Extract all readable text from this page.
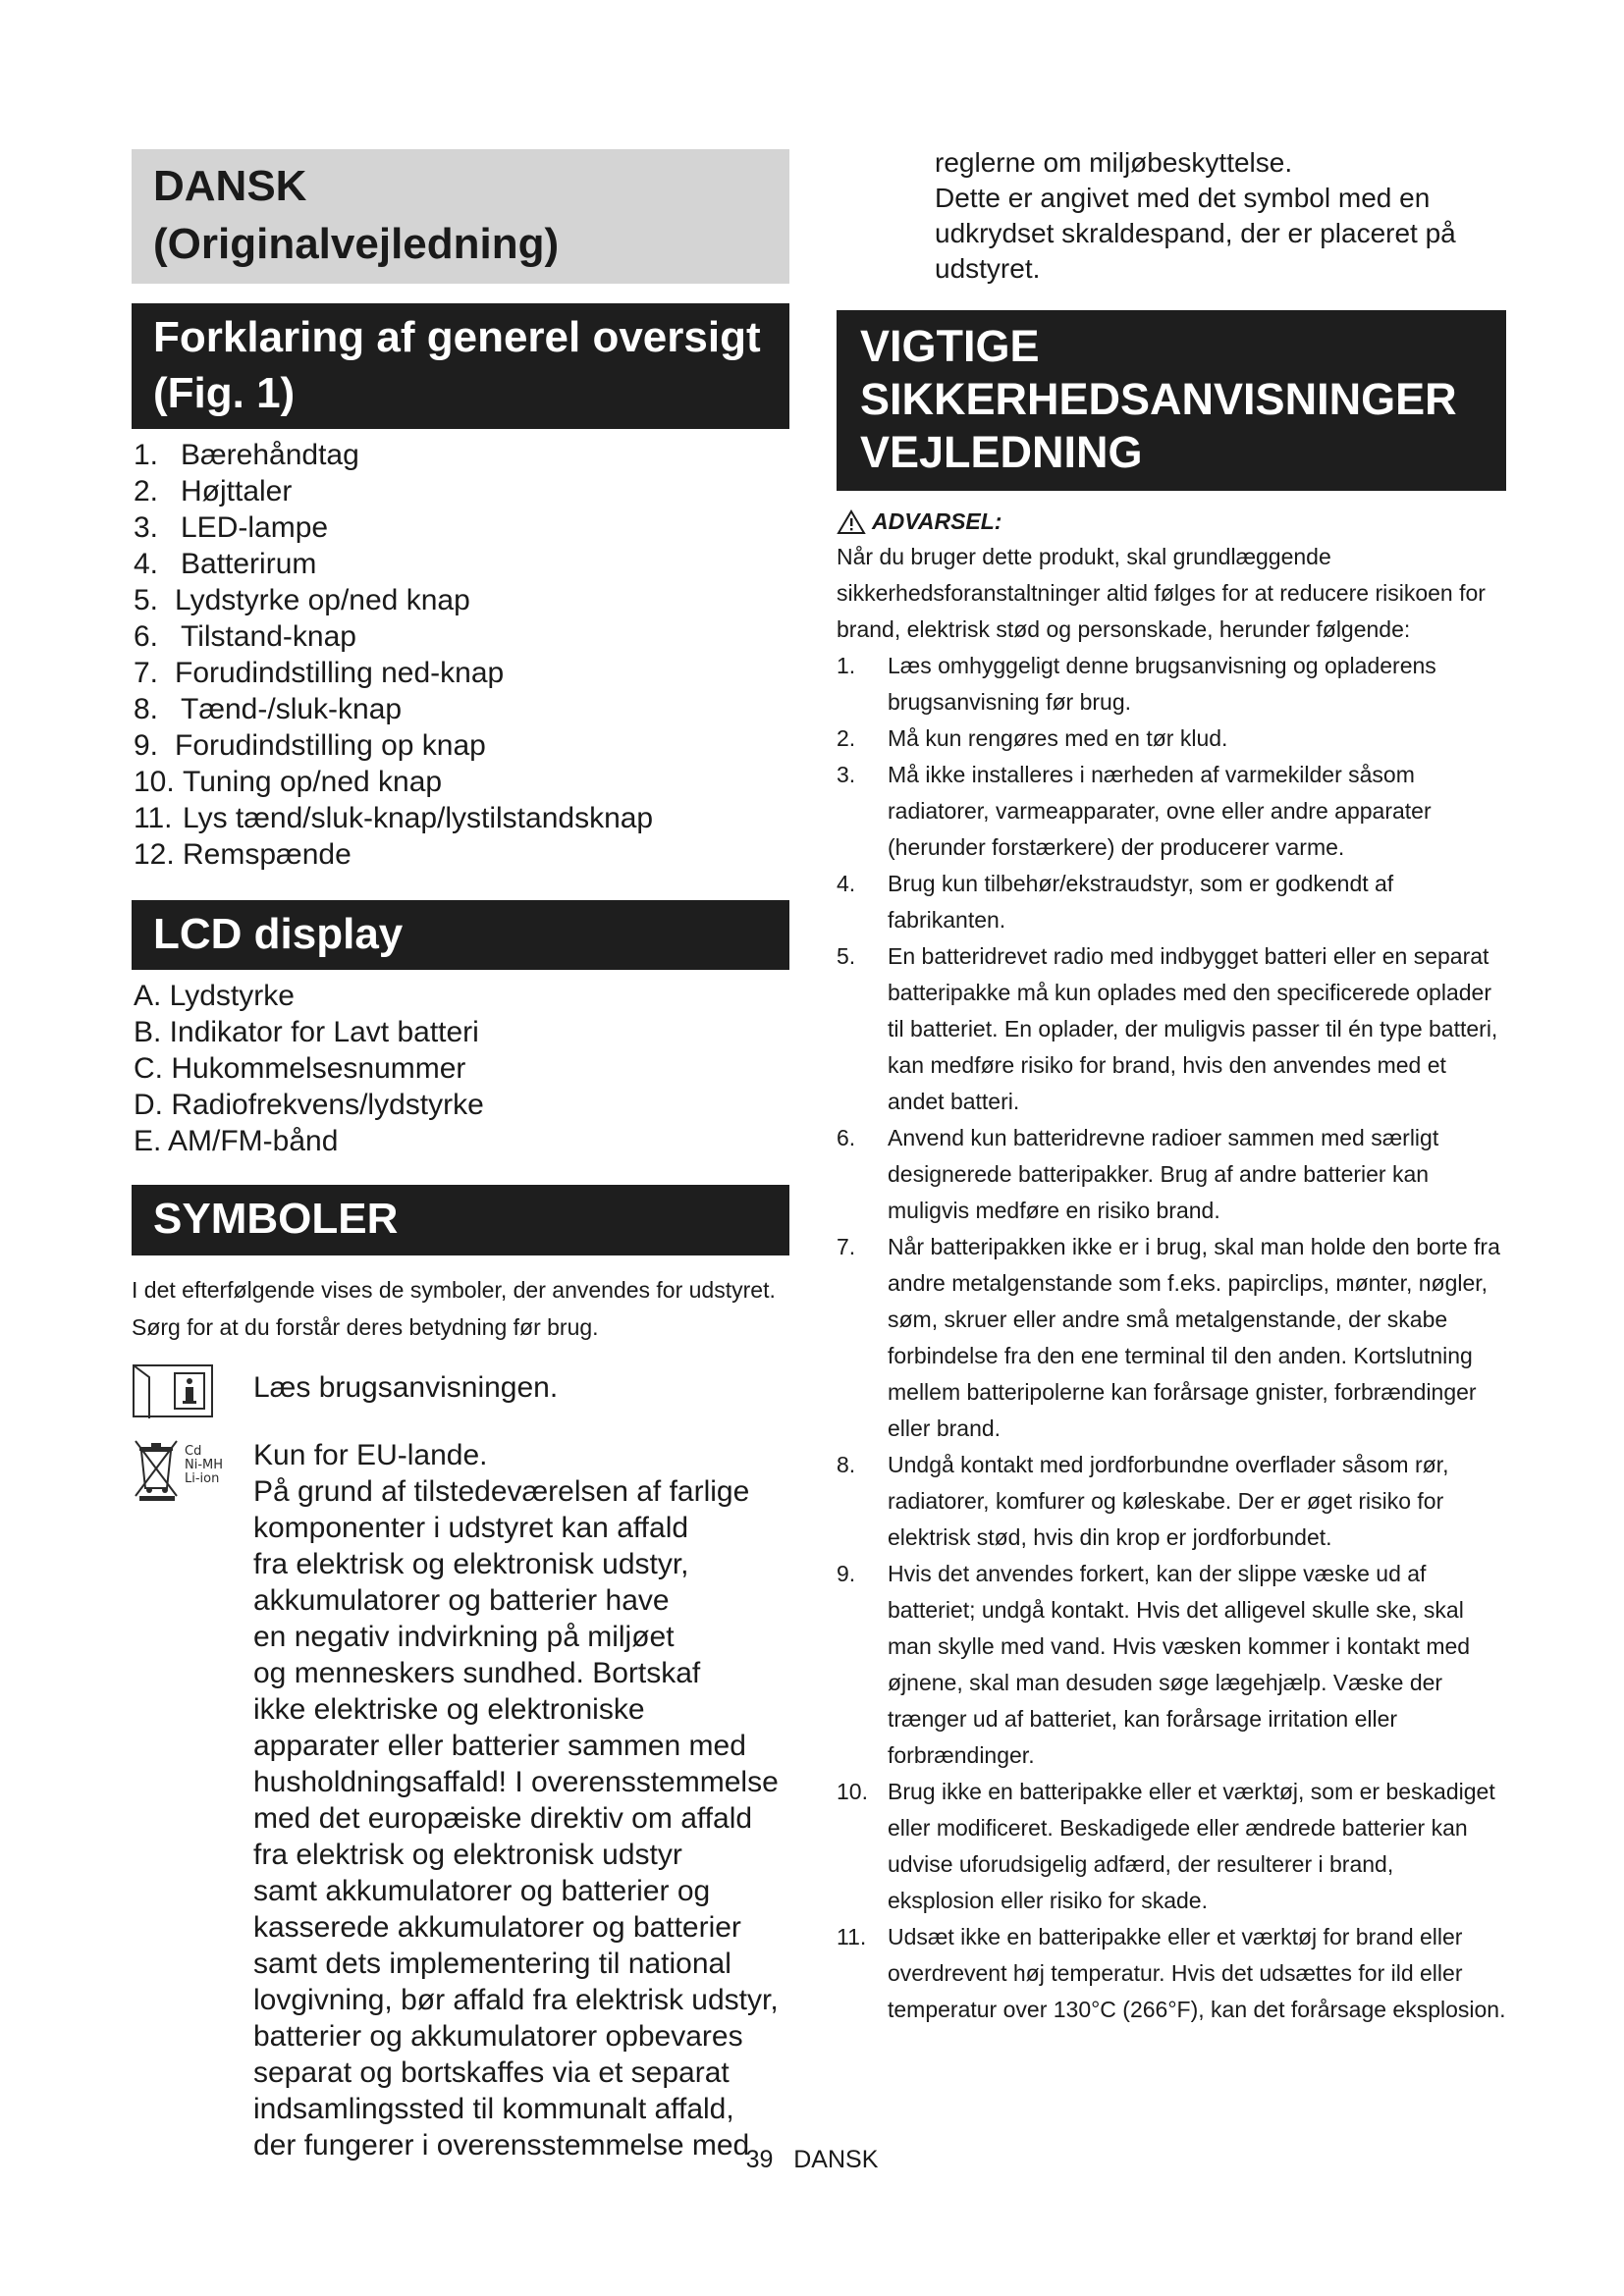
DANSK
(Originalvejledning)
Forklaring af generel oversigt
(Fig. 1)
1. Bærehåndtag
2. Højttaler
3. LED-lampe
4. Batterirum
5. Lydstyrke op/ned knap
6. Tilstand-knap
7. Forudindstilling ned-knap
8. Tænd-/sluk-knap
9. Forudindstilling op knap
10. Tuning op/ned knap
11. Lys tænd/sluk-knap/lystilstandsknap
12. Remspænde
LCD display
A. Lydstyrke
B. Indikator for Lavt batteri
C. Hukommelsesnummer
D. Radiofrekvens/lydstyrke
E. AM/FM-bånd
SYMBOLER

I det efterfølgende vises de symboler, der anvendes for udstyret. Sørg for at du forstår deres betydning før brug.

Læs brugsanvisningen.
Cd
Ni-MH
Li-ion
Kun for EU-lande.
På grund af tilstedeværelsen af farlige
komponenter i udstyret kan affald
fra elektrisk og elektronisk udstyr,
akkumulatorer og batterier have
en negativ indvirkning på miljøet
og menneskers sundhed. Bortskaf
ikke elektriske og elektroniske
apparater eller batterier sammen med
husholdningsaffald! I overensstemmelse
med det europæiske direktiv om affald
fra elektrisk og elektronisk udstyr
samt akkumulatorer og batterier og
kasserede akkumulatorer og batterier
samt dets implementering til national
lovgivning, bør affald fra elektrisk udstyr,
batterier og akkumulatorer opbevares
separat og bortskaffes via et separat
indsamlingssted til kommunalt affald,
der fungerer i overensstemmelse med
reglerne om miljøbeskyttelse.
Dette er angivet med det symbol med en
udkrydset skraldespand, der er placeret på
udstyret.
VIGTIGE
SIKKERHEDSANVISNINGER
VEJLEDNING
ADVARSEL:

Når du bruger dette produkt, skal grundlæggende sikkerhedsforanstaltninger altid følges for at reducere risikoen for brand, elektrisk stød og personskade, herunder følgende:

1.	Læs omhyggeligt denne brugsanvisning og opladerens brugsanvisning før brug.
2.	Må kun rengøres med en tør klud.
3.	Må ikke installeres i nærheden af varmekilder såsom radiatorer, varmeapparater, ovne eller andre apparater (herunder forstærkere) der producerer varme.
4.	Brug kun tilbehør/ekstraudstyr, som er godkendt af fabrikanten.
5.	En batteridrevet radio med indbygget batteri eller en separat batteripakke må kun oplades med den specificerede oplader til batteriet. En oplader, der muligvis passer til én type batteri, kan medføre risiko for brand, hvis den anvendes med et andet batteri.
6.	Anvend kun batteridrevne radioer sammen med særligt designerede batteripakker. Brug af andre batterier kan muligvis medføre en risiko brand.
7.	Når batteripakken ikke er i brug, skal man holde den borte fra andre metalgenstande som f.eks. papirclips, mønter, nøgler, søm, skruer eller andre små metalgenstande, der skabe forbindelse fra den ene terminal til den anden. Kortslutning mellem batteripolerne kan forårsage gnister, forbrændinger eller brand.
8.	Undgå kontakt med jordforbundne overflader såsom rør, radiatorer, komfurer og køleskabe. Der er øget risiko for elektrisk stød, hvis din krop er jordforbundet.
9.	Hvis det anvendes forkert, kan der slippe væske ud af batteriet; undgå kontakt. Hvis det alligevel skulle ske, skal man skylle med vand. Hvis væsken kommer i kontakt med øjnene, skal man desuden søge lægehjælp. Væske der trænger ud af batteriet, kan forårsage irritation eller forbrændinger.
10. Brug ikke en batteripakke eller et værktøj, som er beskadiget eller modificeret. Beskadigede eller ændrede batterier kan udvise uforudsigelig adfærd, der resulterer i brand, eksplosion eller risiko for skade.
11. Udsæt ikke en batteripakke eller et værktøj for brand eller overdrevent høj temperatur. Hvis det udsættes for ild eller temperatur over 130°C (266°F), kan det forårsage eksplosion.
39 DANSK
